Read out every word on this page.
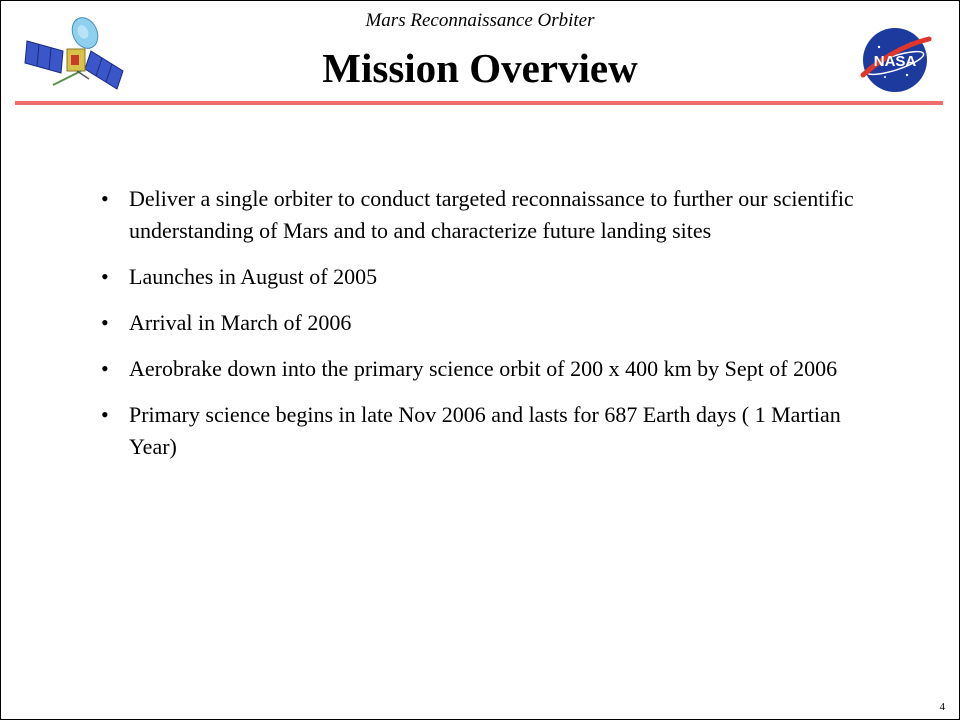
NASA
Mars Reconnaissance Orbiter
Mission Overview
• Deliver a single orbiter to conduct targeted reconnaissance to further our scientific understanding of Mars and to and characterize future landing sites
• Launches in August of 2005
• Arrival in March of 2006
• Aerobrake down into the primary science orbit of 200 x 400 km by Sept of 2006
• Primary science begins in late Nov 2006 and lasts for 687 Earth days ( 1 Martian Year)
4
